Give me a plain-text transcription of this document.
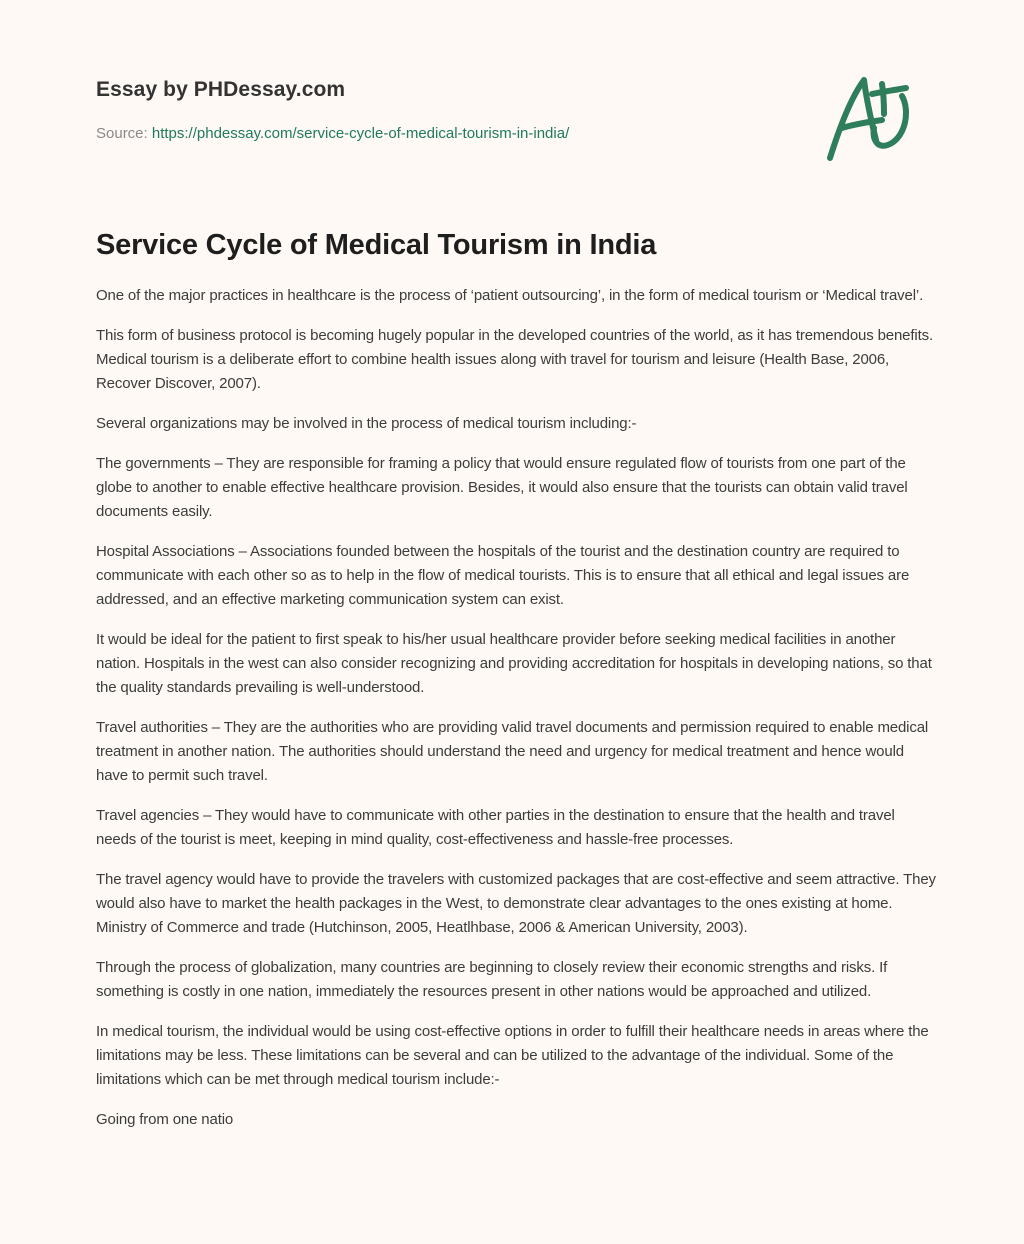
Essay by PHDessay.com
Source: https://phdessay.com/service-cycle-of-medical-tourism-in-india/
Service Cycle of Medical Tourism in India

One of the major practices in healthcare is the process of ‘patient outsourcing’, in the form of medical tourism or ‘Medical travel’.

This form of business protocol is becoming hugely popular in the developed countries of the world, as it has tremendous benefits. Medical tourism is a deliberate effort to combine health issues along with travel for tourism and leisure (Health Base, 2006, Recover Discover, 2007).

Several organizations may be involved in the process of medical tourism including:-

The governments – They are responsible for framing a policy that would ensure regulated flow of tourists from one part of the globe to another to enable effective healthcare provision. Besides, it would also ensure that the tourists can obtain valid travel documents easily.

Hospital Associations – Associations founded between the hospitals of the tourist and the destination country are required to communicate with each other so as to help in the flow of medical tourists. This is to ensure that all ethical and legal issues are addressed, and an effective marketing communication system can exist.

It would be ideal for the patient to first speak to his/her usual healthcare provider before seeking medical facilities in another nation. Hospitals in the west can also consider recognizing and providing accreditation for hospitals in developing nations, so that the quality standards prevailing is well-understood.

Travel authorities – They are the authorities who are providing valid travel documents and permission required to enable medical treatment in another nation. The authorities should understand the need and urgency for medical treatment and hence would have to permit such travel.

Travel agencies – They would have to communicate with other parties in the destination to ensure that the health and travel needs of the tourist is meet, keeping in mind quality, cost-effectiveness and hassle-free processes.

The travel agency would have to provide the travelers with customized packages that are cost-effective and seem attractive. They would also have to market the health packages in the West, to demonstrate clear advantages to the ones existing at home.
Ministry of Commerce and trade (Hutchinson, 2005, Heatlhbase, 2006 & American University, 2003).

Through the process of globalization, many countries are beginning to closely review their economic strengths and risks. If something is costly in one nation, immediately the resources present in other nations would be approached and utilized.

In medical tourism, the individual would be using cost-effective options in order to fulfill their healthcare needs in areas where the limitations may be less. These limitations can be several and can be utilized to the advantage of the individual. Some of the limitations which can be met through medical tourism include:-

Going from one natio
